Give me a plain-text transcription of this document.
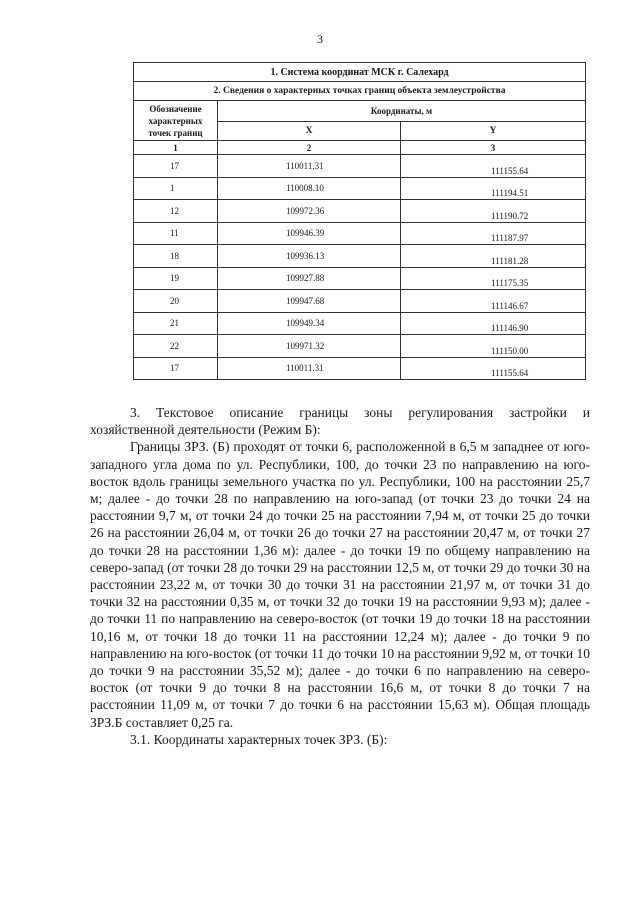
3
1. Система координат МСК г. Салехард		
2. Сведения о характерных точках границ объекта землеустройства		
Обозначение характерных точек границ	Координаты, м	
	X	Y
1	2	3
17	110011.31	111155.64
1	110008.10	111194.51
12	109972.36	111190.72
11	109946.39	111187.97
18	109936.13	111181.28
19	109927.88	111175.35
20	109947.68	111146.67
21	109949.34	111146.90
22	109971.32	111150.00
17	110011.31	111155.64

3. Текстовое описание границы зоны регулирования застройки и хозяйственной деятельности (Режим Б):

Границы ЗРЗ. (Б) проходят от точки 6, расположенной в 6,5 м западнее от юго-западного угла дома по ул. Республики, 100, до точки 23 по направлению на юго-восток вдоль границы земельного участка по ул. Республики, 100 на расстоянии 25,7 м; далее - до точки 28 по направлению на юго-запад (от точки 23 до точки 24 на расстоянии 9,7 м, от точки 24 до точки 25 на расстоянии 7,94 м, от точки 25 до точки 26 на расстоянии 26,04 м, от точки 26 до точки 27 на расстоянии 20,47 м, от точки 27 до точки 28 на расстоянии 1,36 м): далее - до точки 19 по общему направлению на северо-запад (от точки 28 до точки 29 на расстоянии 12,5 м, от точки 29 до точки 30 на расстоянии 23,22 м, от точки 30 до точки 31 на расстоянии 21,97 м, от точки 31 до точки 32 на расстоянии 0,35 м, от точки 32 до точки 19 на расстоянии 9,93 м); далее - до точки 11 по направлению на северо-восток (от точки 19 до точки 18 на расстоянии 10,16 м, от точки 18 до точки 11 на расстоянии 12,24 м); далее - до точки 9 по направлению на юго-восток (от точки 11 до точки 10 на расстоянии 9,92 м, от точки 10 до точки 9 на расстоянии 35,52 м); далее - до точки 6 по направлению на северо-восток (от точки 9 до точки 8 на расстоянии 16,6 м, от точки 8 до точки 7 на расстоянии 11,09 м, от точки 7 до точки 6 на расстоянии 15,63 м). Общая площадь ЗРЗ.Б составляет 0,25 га.

3.1. Координаты характерных точек ЗРЗ. (Б):
